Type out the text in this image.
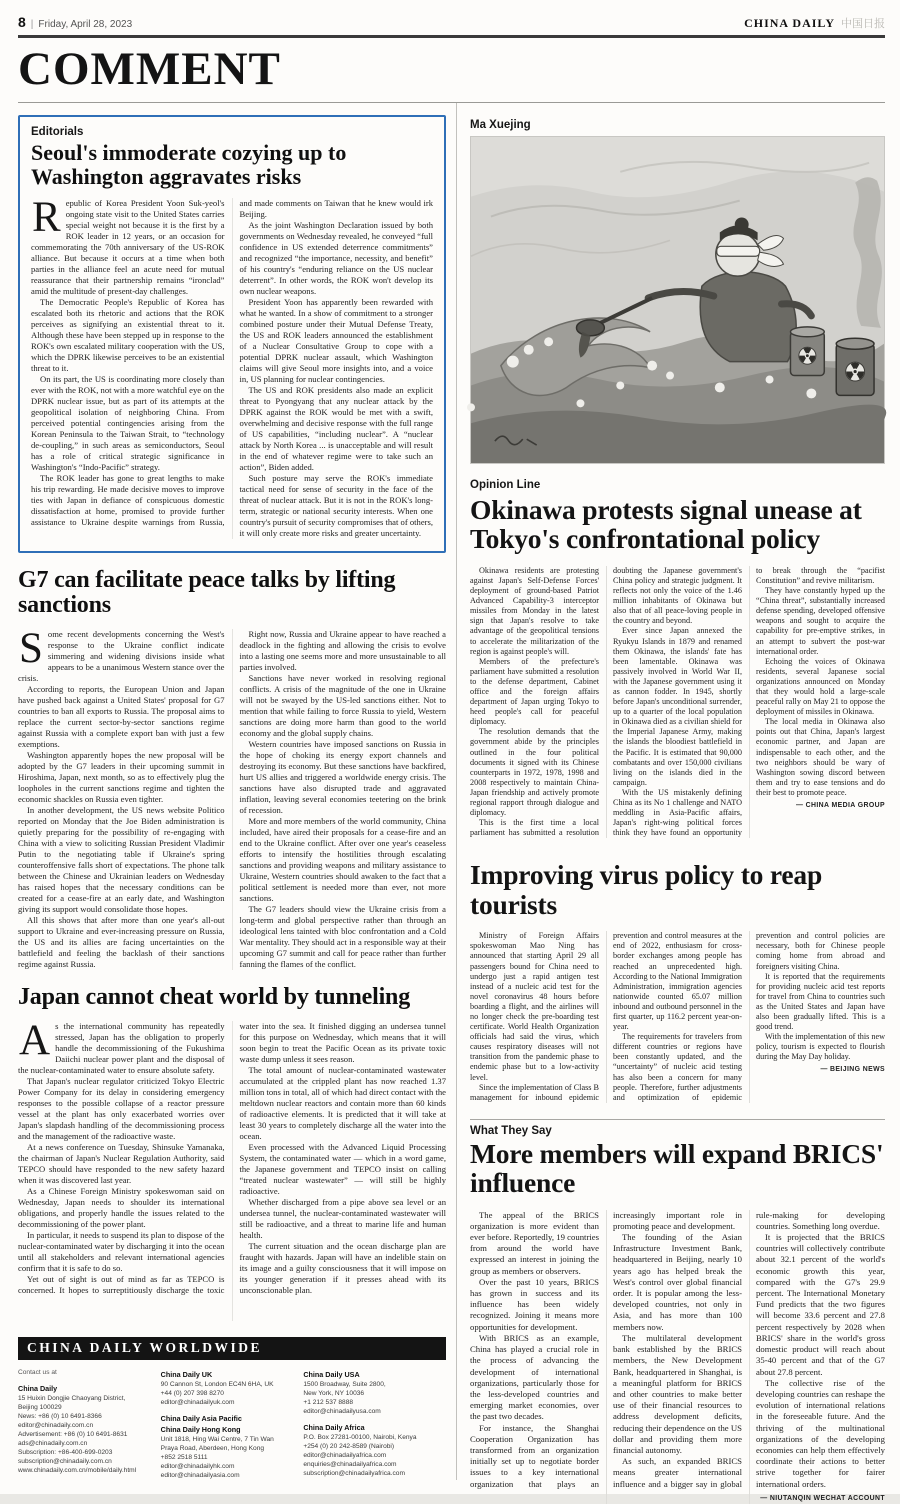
8 | Friday, April 28, 2023	CHINA DAILY 中国日报
COMMENT
Editorials
Seoul's immoderate cozying up to Washington aggravates risks

Republic of Korea President Yoon Suk-yeol's ongoing state visit to the United States carries special weight not because it is the first by a ROK leader in 12 years, or an occasion for commemorating the 70th anniversary of the US-ROK alliance. But because it occurs at a time when both parties in the alliance feel an acute need for mutual reassurance that their partnership remains “ironclad” amid the multitude of present-day challenges.

The Democratic People's Republic of Korea has escalated both its rhetoric and actions that the ROK perceives as signifying an existential threat to it. Although these have been stepped up in response to the ROK's own escalated military cooperation with the US, which the DPRK likewise perceives to be an existential threat to it.

On its part, the US is coordinating more closely than ever with the ROK, not with a more watchful eye on the DPRK nuclear issue, but as part of its attempts at the geopolitical isolation of neighboring China. From perceived potential contingencies arising from the Korean Peninsula to the Taiwan Strait, to “technology de-coupling,” in such areas as semiconductors, Seoul has a role of critical strategic significance in Washington's “Indo-Pacific” strategy.

The ROK leader has gone to great lengths to make his trip rewarding. He made decisive moves to improve ties with Japan in defiance of conspicuous domestic dissatisfaction at home, promised to provide further assistance to Ukraine despite warnings from Russia, and made comments on Taiwan that he knew would irk Beijing.

As the joint Washington Declaration issued by both governments on Wednesday revealed, he conveyed “full confidence in US extended deterrence commitments” and recognized “the importance, necessity, and benefit” of his country's “enduring reliance on the US nuclear deterrent”. In other words, the ROK won't develop its own nuclear weapons.

President Yoon has apparently been rewarded with what he wanted. In a show of commitment to a stronger combined posture under their Mutual Defense Treaty, the US and ROK leaders announced the establishment of a Nuclear Consultative Group to cope with a potential DPRK nuclear assault, which Washington claims will give Seoul more insights into, and a voice in, US planning for nuclear contingencies.

The US and ROK presidents also made an explicit threat to Pyongyang that any nuclear attack by the DPRK against the ROK would be met with a swift, overwhelming and decisive response with the full range of US capabilities, “including nuclear”. A “nuclear attack by North Korea ... is unacceptable and will result in the end of whatever regime were to take such an action”, Biden added.

Such posture may serve the ROK's immediate tactical need for sense of security in the face of the threat of nuclear attack. But it is not in the ROK's long-term, strategic or national security interests. When one country's pursuit of security compromises that of others, it will only create more risks and greater uncertainty.

G7 can facilitate peace talks by lifting sanctions

Some recent developments concerning the West's response to the Ukraine conflict indicate simmering and widening divisions inside what appears to be a unanimous Western stance over the crisis.

According to reports, the European Union and Japan have pushed back against a United States' proposal for G7 countries to ban all exports to Russia. The proposal aims to replace the current sector-by-sector sanctions regime against Russia with a complete export ban with just a few exemptions.

Washington apparently hopes the new proposal will be adopted by the G7 leaders in their upcoming summit in Hiroshima, Japan, next month, so as to effectively plug the loopholes in the current sanctions regime and tighten the economic shackles on Russia even tighter.

In another development, the US news website Politico reported on Monday that the Joe Biden administration is quietly preparing for the possibility of re-engaging with China with a view to soliciting Russian President Vladimir Putin to the negotiating table if Ukraine's spring counteroffensive falls short of expectations. The phone talk between the Chinese and Ukrainian leaders on Wednesday has raised hopes that the necessary conditions can be created for a cease-fire at an early date, and Washington giving its support would consolidate those hopes.

All this shows that after more than one year's all-out support to Ukraine and ever-increasing pressure on Russia, the US and its allies are facing uncertainties on the battlefield and feeling the backlash of their sanctions regime against Russia.

Right now, Russia and Ukraine appear to have reached a deadlock in the fighting and allowing the crisis to evolve into a lasting one seems more and more unsustainable to all parties involved.

Sanctions have never worked in resolving regional conflicts. A crisis of the magnitude of the one in Ukraine will not be swayed by the US-led sanctions either. Not to mention that while failing to force Russia to yield, Western sanctions are doing more harm than good to the world economy and the global supply chains.

Western countries have imposed sanctions on Russia in the hope of choking its energy export channels and destroying its economy. But these sanctions have backfired, hurt US allies and triggered a worldwide energy crisis. The sanctions have also disrupted trade and aggravated inflation, leaving several economies teetering on the brink of recession.

More and more members of the world community, China included, have aired their proposals for a cease-fire and an end to the Ukraine conflict. After over one year's ceaseless efforts to intensify the hostilities through escalating sanctions and providing weapons and military assistance to Ukraine, Western countries should awaken to the fact that a political settlement is needed more than ever, not more sanctions.

The G7 leaders should view the Ukraine crisis from a long-term and global perspective rather than through an ideological lens tainted with bloc confrontation and a Cold War mentality. They should act in a responsible way at their upcoming G7 summit and call for peace rather than further fanning the flames of the conflict.

Japan cannot cheat world by tunneling

As the international community has repeatedly stressed, Japan has the obligation to properly handle the decommissioning of the Fukushima Daiichi nuclear power plant and the disposal of the nuclear-contaminated water to ensure absolute safety.

That Japan's nuclear regulator criticized Tokyo Electric Power Company for its delay in considering emergency responses to the possible collapse of a reactor pressure vessel at the plant has only exacerbated worries over Japan's slapdash handling of the decommissioning process and the management of the radioactive waste.

At a news conference on Tuesday, Shinsuke Yamanaka, the chairman of Japan's Nuclear Regulation Authority, said TEPCO should have responded to the new safety hazard when it was discovered last year.

As a Chinese Foreign Ministry spokeswoman said on Wednesday, Japan needs to shoulder its international obligations, and properly handle the issues related to the decommissioning of the power plant.

In particular, it needs to suspend its plan to dispose of the nuclear-contaminated water by discharging it into the ocean until all stakeholders and relevant international agencies confirm that it is safe to do so.

Yet out of sight is out of mind as far as TEPCO is concerned. It hopes to surreptitiously discharge the toxic water into the sea. It finished digging an undersea tunnel for this purpose on Wednesday, which means that it will soon begin to treat the Pacific Ocean as its private toxic waste dump unless it sees reason.

The total amount of nuclear-contaminated wastewater accumulated at the crippled plant has now reached 1.37 million tons in total, all of which had direct contact with the meltdown nuclear reactors and contain more than 60 kinds of radioactive elements. It is predicted that it will take at least 30 years to completely discharge all the water into the ocean.

Even processed with the Advanced Liquid Processing System, the contaminated water — which in a word game, the Japanese government and TEPCO insist on calling “treated nuclear wastewater” — will still be highly radioactive.

Whether discharged from a pipe above sea level or an undersea tunnel, the nuclear-contaminated wastewater will still be radioactive, and a threat to marine life and human health.

The current situation and the ocean discharge plan are fraught with hazards. Japan will have an indelible stain on its image and a guilty consciousness that it will impose on its younger generation if it presses ahead with its unconscionable plan.

CHINA DAILY WORLDWIDE

Contact us at

China Daily

15 Huixin Dongjie Chaoyang District,

Beijing 100029

News: +86 (0) 10 6491-8366

editor@chinadaily.com.cn

Advertisement: +86 (0) 10 6491-8631

ads@chinadaily.com.cn

Subscription: +86-400-699-0203

subscription@chinadaily.com.cn

www.chinadaily.com.cn/mobile/daily.html

China Daily UK

90 Cannon St, London EC4N 6HA, UK

+44 (0) 207 398 8270

editor@chinadailyuk.com

China Daily Asia Pacific
China Daily Hong Kong

Unit 1818, Hing Wai Centre, 7 Tin Wan

Praya Road, Aberdeen, Hong Kong

+852 2518 5111

editor@chinadailyhk.com

editor@chinadailyasia.com

China Daily USA

1500 Broadway, Suite 2800,

New York, NY 10036

+1 212 537 8888

editor@chinadailyusa.com

China Daily Africa

P.O. Box 27281-00100, Nairobi, Kenya

+254 (0) 20 242-8589 (Nairobi)

editor@chinadailyafrica.com

enquiries@chinadailyafrica.com

subscription@chinadailyafrica.com

Ma Xuejing
Opinion Line
Okinawa protests signal unease at Tokyo's confrontational policy

Okinawa residents are protesting against Japan's Self-Defense Forces' deployment of ground-based Patriot Advanced Capability-3 interceptor missiles from Monday in the latest sign that Japan's resolve to take advantage of the geopolitical tensions to accelerate the militarization of the region is against people's will.

Members of the prefecture's parliament have submitted a resolution to the defense department, Cabinet office and the foreign affairs department of Japan urging Tokyo to heed people's call for peaceful diplomacy.

The resolution demands that the government abide by the principles outlined in the four political documents it signed with its Chinese counterparts in 1972, 1978, 1998 and 2008 respectively to maintain China-Japan friendship and actively promote regional rapport through dialogue and diplomacy.

This is the first time a local parliament has submitted a resolution doubting the Japanese government's China policy and strategic judgment. It reflects not only the voice of the 1.46 million inhabitants of Okinawa but also that of all peace-loving people in the country and beyond.

Ever since Japan annexed the Ryukyu Islands in 1879 and renamed them Okinawa, the islands' fate has been lamentable. Okinawa was passively involved in World War II, with the Japanese government using it as cannon fodder. In 1945, shortly before Japan's unconditional surrender, up to a quarter of the local population in Okinawa died as a civilian shield for the Imperial Japanese Army, making the islands the bloodiest battlefield in the Pacific. It is estimated that 90,000 combatants and over 150,000 civilians living on the islands died in the campaign.

With the US mistakenly defining China as its No 1 challenge and NATO meddling in Asia-Pacific affairs, Japan's right-wing political forces think they have found an opportunity to break through the “pacifist Constitution” and revive militarism.

They have constantly hyped up the “China threat”, substantially increased defense spending, developed offensive weapons and sought to acquire the capability for pre-emptive strikes, in an attempt to subvert the post-war international order.

Echoing the voices of Okinawa residents, several Japanese social organizations announced on Monday that they would hold a large-scale peaceful rally on May 21 to oppose the deployment of missiles in Okinawa.

The local media in Okinawa also points out that China, Japan's largest economic partner, and Japan are indispensable to each other, and the two neighbors should be wary of Washington sowing discord between them and try to ease tensions and do their best to promote peace.

— CHINA MEDIA GROUP

Improving virus policy to reap tourists

Ministry of Foreign Affairs spokeswoman Mao Ning has announced that starting April 29 all passengers bound for China need to undergo just a rapid antigen test instead of a nucleic acid test for the novel coronavirus 48 hours before boarding a flight, and the airlines will no longer check the pre-boarding test certificate. World Health Organization officials had said the virus, which causes respiratory diseases will not transition from the pandemic phase to endemic phase but to a low-activity level.

Since the implementation of Class B management for inbound epidemic prevention and control measures at the end of 2022, enthusiasm for cross-border exchanges among people has reached an unprecedented high. According to the National Immigration Administration, immigration agencies nationwide counted 65.07 million inbound and outbound personnel in the first quarter, up 116.2 percent year-on-year.

The requirements for travelers from different countries or regions have been constantly updated, and the “uncertainty” of nucleic acid testing has also been a concern for many people. Therefore, further adjustments and optimization of epidemic prevention and control policies are necessary, both for Chinese people coming home from abroad and foreigners visiting China.

It is reported that the requirements for providing nucleic acid test reports for travel from China to countries such as the United States and Japan have also been gradually lifted. This is a good trend.

With the implementation of this new policy, tourism is expected to flourish during the May Day holiday.

— BEIJING NEWS

What They Say
More members will expand BRICS' influence

The appeal of the BRICS organization is more evident than ever before. Reportedly, 19 countries from around the world have expressed an interest in joining the group as members or observers.

Over the past 10 years, BRICS has grown in success and its influence has been widely recognized. Joining it means more opportunities for development.

With BRICS as an example, China has played a crucial role in the process of advancing the development of international organizations, particularly those for the less-developed countries and emerging market economies, over the past two decades.

For instance, the Shanghai Cooperation Organization has transformed from an organization initially set up to negotiate border issues to a key international organization that plays an increasingly important role in promoting peace and development.

The founding of the Asian Infrastructure Investment Bank, headquartered in Beijing, nearly 10 years ago has helped break the West's control over global financial order. It is popular among the less-developed countries, not only in Asia, and has more than 100 members now.

The multilateral development bank established by the BRICS members, the New Development Bank, headquartered in Shanghai, is a meaningful platform for BRICS and other countries to make better use of their financial resources to address development deficits, reducing their dependence on the US dollar and providing them more financial autonomy.

As such, an expanded BRICS means greater international influence and a bigger say in global rule-making for developing countries. Something long overdue.

It is projected that the BRICS countries will collectively contribute about 32.1 percent of the world's economic growth this year, compared with the G7's 29.9 percent. The International Monetary Fund predicts that the two figures will become 33.6 percent and 27.8 percent respectively by 2028 when BRICS' share in the world's gross domestic product will reach about 35-40 percent and that of the G7 about 27.8 percent.

The collective rise of the developing countries can reshape the evolution of international relations in the foreseeable future. And the thriving of the multinational organizations of the developing economies can help them effectively coordinate their actions to better strive together for fairer international orders.

— NIUTANQIN WECHAT ACCOUNT
